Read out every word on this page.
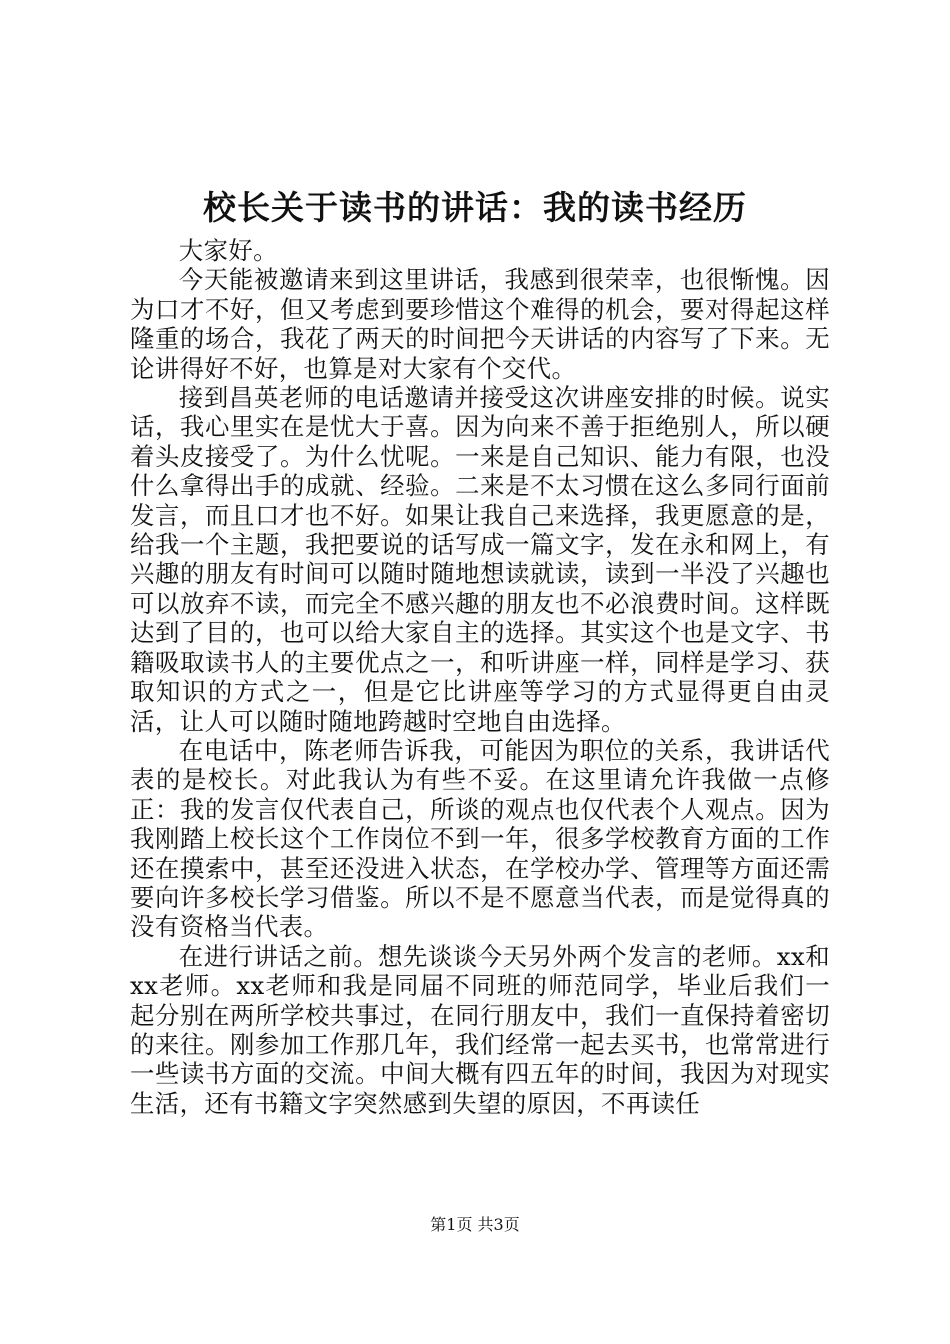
校长关于读书的讲话：我的读书经历

大家好。

今天能被邀请来到这里讲话，我感到很荣幸，也很惭愧。因为口才不好，但又考虑到要珍惜这个难得的机会，要对得起这样隆重的场合，我花了两天的时间把今天讲话的内容写了下来。无论讲得好不好，也算是对大家有个交代。

接到昌英老师的电话邀请并接受这次讲座安排的时候。说实话，我心里实在是忧大于喜。因为向来不善于拒绝别人，所以硬着头皮接受了。为什么忧呢。一来是自己知识、能力有限，也没什么拿得出手的成就、经验。二来是不太习惯在这么多同行面前发言，而且口才也不好。如果让我自己来选择，我更愿意的是，给我一个主题，我把要说的话写成一篇文字，发在永和网上，有兴趣的朋友有时间可以随时随地想读就读，读到一半没了兴趣也可以放弃不读，而完全不感兴趣的朋友也不必浪费时间。这样既达到了目的，也可以给大家自主的选择。其实这个也是文字、书籍吸取读书人的主要优点之一，和听讲座一样，同样是学习、获取知识的方式之一，但是它比讲座等学习的方式显得更自由灵活，让人可以随时随地跨越时空地自由选择。

在电话中，陈老师告诉我，可能因为职位的关系，我讲话代表的是校长。对此我认为有些不妥。在这里请允许我做一点修正：我的发言仅代表自己，所谈的观点也仅代表个人观点。因为我刚踏上校长这个工作岗位不到一年，很多学校教育方面的工作还在摸索中，甚至还没进入状态，在学校办学、管理等方面还需要向许多校长学习借鉴。所以不是不愿意当代表，而是觉得真的没有资格当代表。

在进行讲话之前。想先谈谈今天另外两个发言的老师。xx和xx老师。xx老师和我是同届不同班的师范同学，毕业后我们一起分别在两所学校共事过，在同行朋友中，我们一直保持着密切的来往。刚参加工作那几年，我们经常一起去买书，也常常进行一些读书方面的交流。中间大概有四五年的时间，我因为对现实生活，还有书籍文字突然感到失望的原因，不再读任

第1页 共3页
